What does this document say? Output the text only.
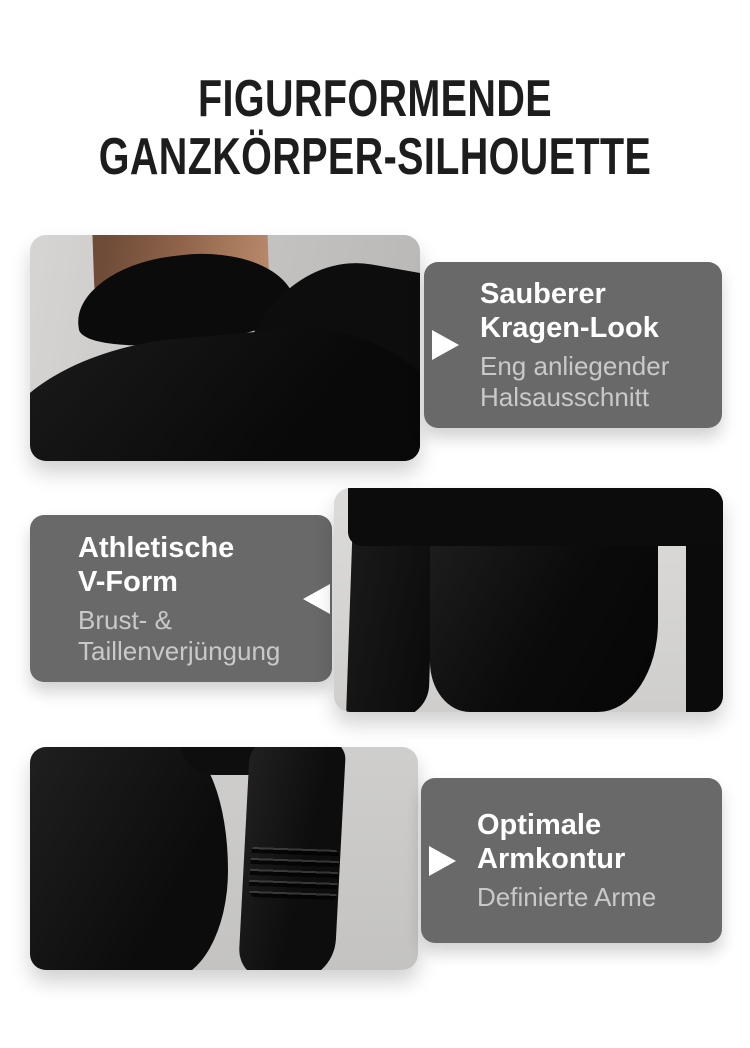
FIGURFORMENDE
GANZKÖRPER-SILHOUETTE
Sauberer
Kragen-Look
Eng anliegender
Halsausschnitt
Athletische
V-Form
Brust- &
Taillenverjüngung
Optimale
Armkontur
Definierte Arme
